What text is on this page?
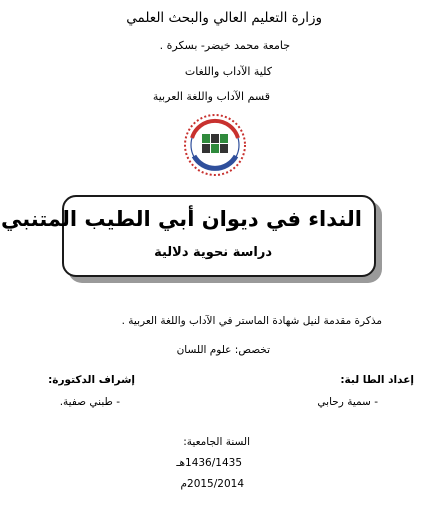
وزارة التعليم العالي والبحث العلمي
جامعة محمد خيضر- بسكرة .
كلية الآداب واللغات
قسم الآداب واللغة العربية
النداء في ديوان أبي الطيب المتنبي
دراسة نحوية دلالية
مذكرة مقدمة لنيل شهادة الماستر في الآداب واللغة العربية .
تخصص: علوم اللسان
إعداد الطا لبة:
- سمية رحابي
إشراف الدكتورة:
- طبني صفية.
السنة الجامعية:
1436/1435هـ
2015/2014م
